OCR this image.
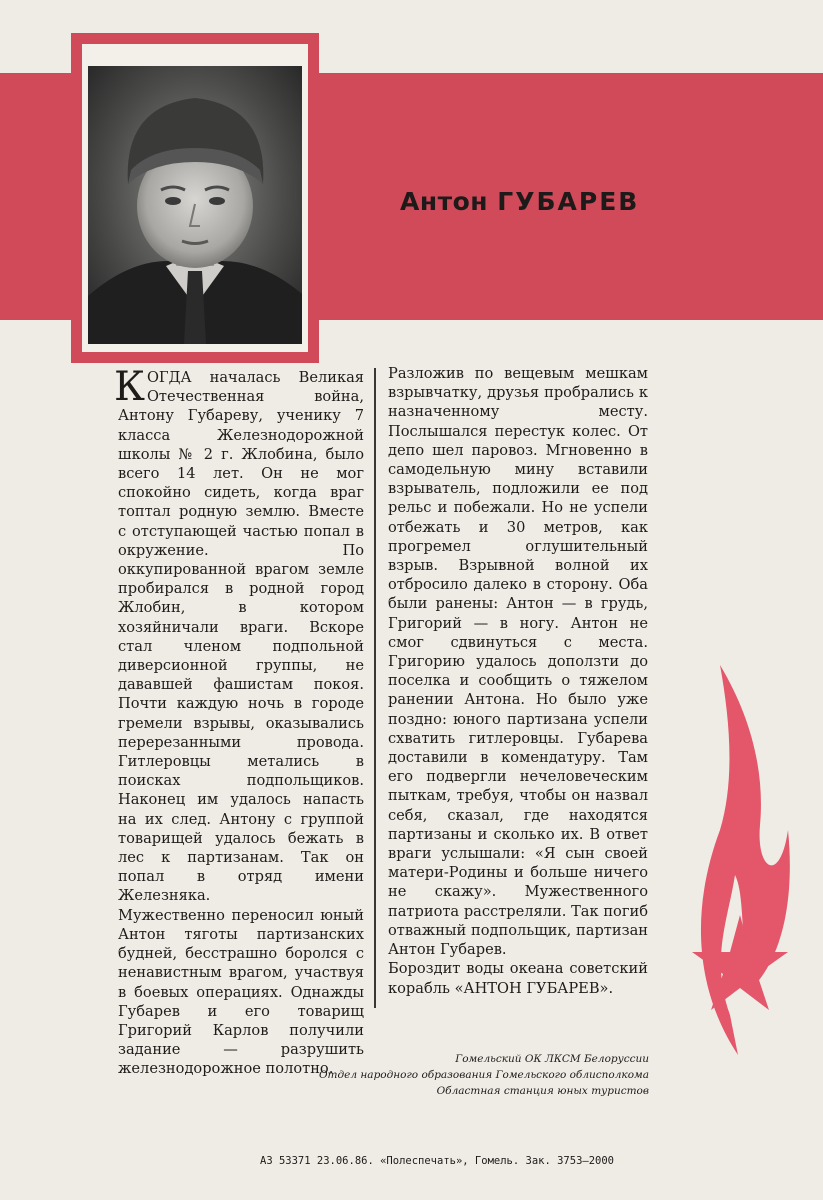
Антон ГУБАРЕВ

КОГДА началась Великая Отечественная война, Антону Губареву, ученику 7 класса Железнодорожной школы № 2 г. Жлобина, было всего 14 лет. Он не мог спокойно сидеть, когда враг топтал родную землю. Вместе с отступающей частью попал в окружение. По оккупированной врагом земле пробирался в родной город Жлобин, в котором хозяйничали враги. Вскоре стал членом подпольной диверсионной группы, не дававшей фашистам покоя. Почти каждую ночь в городе гремели взрывы, оказывались перерезанными провода. Гитлеровцы метались в поисках подпольщиков. Наконец им удалось напасть на их след. Антону с группой товарищей удалось бежать в лес к партизанам. Так он попал в отряд имени Железняка.

Мужественно переносил юный Антон тяготы партизанских будней, бесстрашно боролся с ненавистным врагом, участвуя в боевых операциях. Однажды Губарев и его товарищ Григорий Карлов получили задание — разрушить железнодорожное полотно.

Разложив по вещевым мешкам взрывчатку, друзья пробрались к назначенному месту. Послышался перестук колес. От депо шел паровоз. Мгновенно в самодельную мину вставили взрыватель, подложили ее под рельс и побежали. Но не успели отбежать и 30 метров, как прогремел оглушительный взрыв. Взрывной волной их отбросило далеко в сторону. Оба были ранены: Антон — в грудь, Григорий — в ногу. Антон не смог сдвинуться с места. Григорию удалось доползти до поселка и сообщить о тяжелом ранении Антона. Но было уже поздно: юного партизана успели схватить гитлеровцы. Губарева доставили в комендатуру. Там его подвергли нечеловеческим пыткам, требуя, чтобы он назвал себя, сказал, где находятся партизаны и сколько их. В ответ враги услышали: «Я сын своей матери-Родины и больше ничего не скажу». Мужественного патриота расстреляли. Так погиб отважный подпольщик, партизан Антон Губарев.

Бороздит воды океана советский корабль «АНТОН ГУБАРЕВ».

Гомельский ОК ЛКСМ Белоруссии
Отдел народного образования Гомельского облисполкома
Областная станция юных туристов
АЗ 53371 23.06.86. «Полеспечать», Гомель. Зак. 3753—2000
